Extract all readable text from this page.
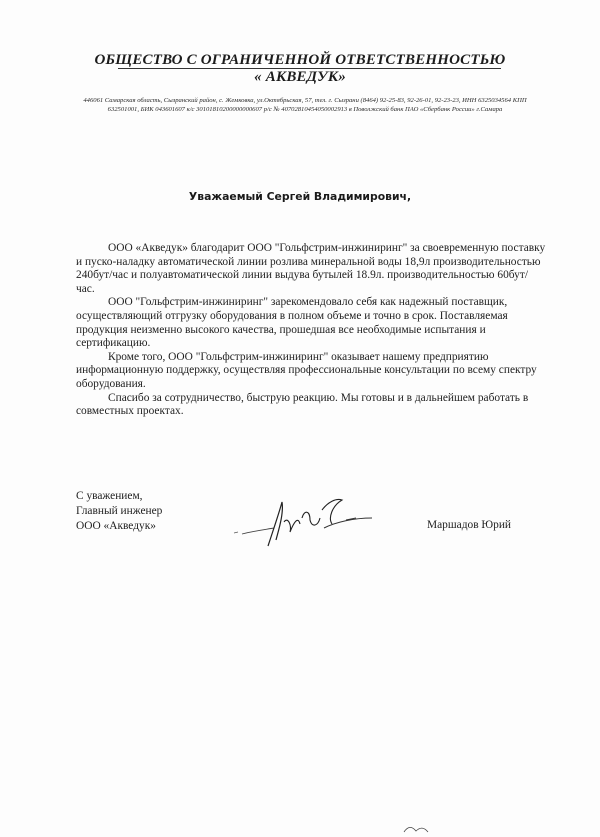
ОБЩЕСТВО С ОГРАНИЧЕННОЙ ОТВЕТСТВЕННОСТЬЮ
« АКВЕДУК»
446061 Самарская область, Сызранский район, с. Жемковка, ул.Октябрьская, 57, тел. г. Сызрани (8464) 92-25-83, 92-26-01, 92-23-23, ИНН 6325034564 КПП 632501001, БИК 043601607 к/с 30101810200000000607 р/с № 40702810454050002913 в Поволжский банк ПАО «Сбербанк России» г.Самара
Уважаемый Сергей Владимирович,

ООО «Акведук» благодарит ООО "Гольфстрим-инжиниринг" за своевременную поставку и пуско-наладку автоматической линии розлива минеральной воды 18,9л производительностью 240бут/час и полуавтоматической линии выдува бутылей 18.9л. производительностью 60бут/час.

ООО "Гольфстрим-инжиниринг" зарекомендовало себя как надежный поставщик, осуществляющий отгрузку оборудования в полном объеме и точно в срок. Поставляемая продукция неизменно высокого качества, прошедшая все необходимые испытания и сертификацию.

Кроме того, ООО "Гольфстрим-инжиниринг" оказывает нашему предприятию информационную поддержку, осуществляя профессиональные консультации по всему спектру оборудования.

Спасибо за сотрудничество, быструю реакцию. Мы готовы и в дальнейшем работать в совместных проектах.

С уважением,
Главный инженер
ООО «Акведук»	Маршадов Юрий
